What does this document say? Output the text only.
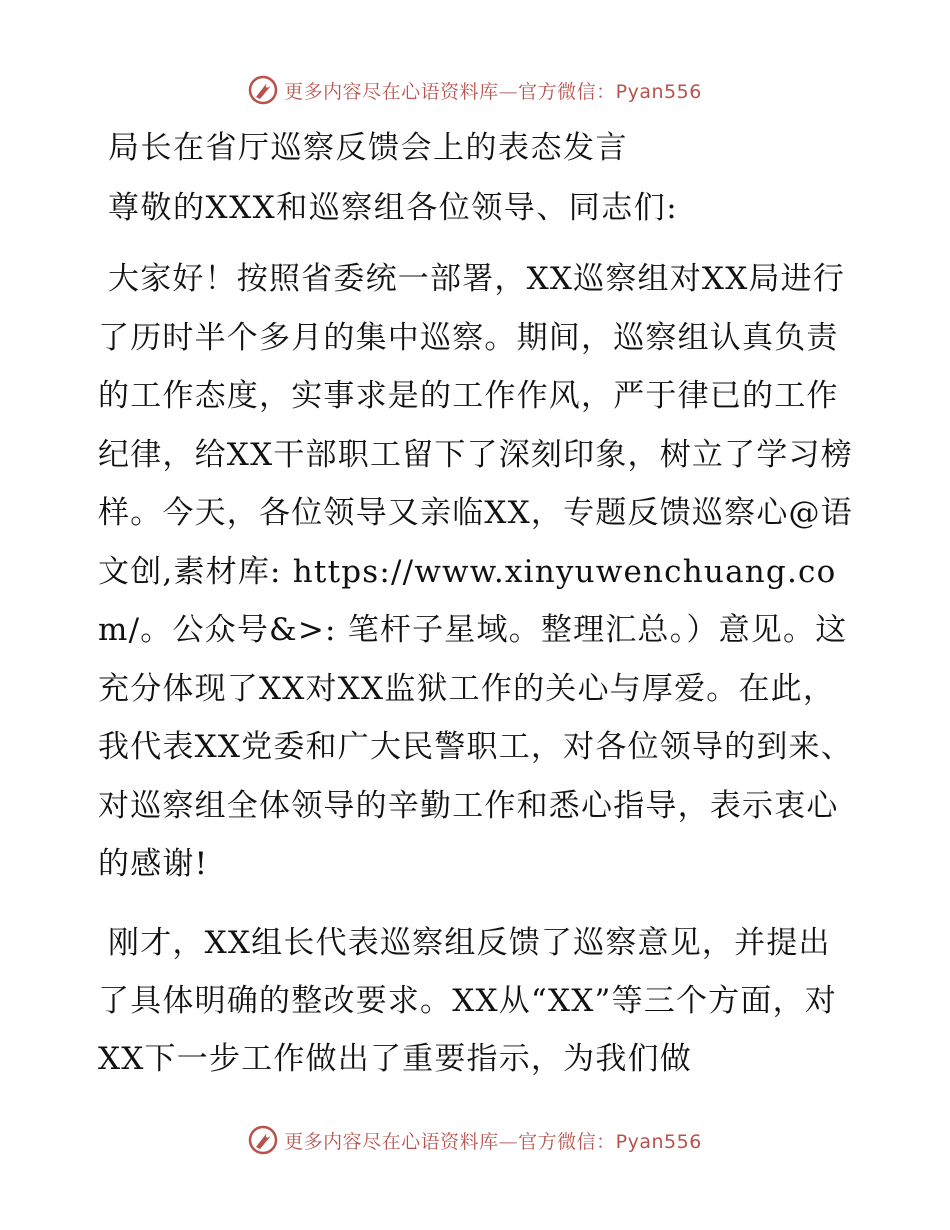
更多内容尽在心语资料库—官方微信：Pyan556
局长在省厅巡察反馈会上的表态发言

尊敬的XXX和巡察组各位领导、同志们:

大家好！按照省委统一部署，XX巡察组对XX局进行了历时半个多月的集中巡察。期间，巡察组认真负责的工作态度，实事求是的工作作风，严于律已的工作纪律，给XX干部职工留下了深刻印象，树立了学习榜样。今天，各位领导又亲临XX，专题反馈巡察心@语文创,素材库: https://www.xinyuwenchuang.com/。公众号&>: 笔杆子星域。整理汇总。）意见。这充分体现了XX对XX监狱工作的关心与厚爱。在此，我代表XX党委和广大民警职工，对各位领导的到来、对巡察组全体领导的辛勤工作和悉心指导，表示衷心的感谢!

刚才，XX组长代表巡察组反馈了巡察意见，并提出了具体明确的整改要求。XX从“XX”等三个方面，对XX下一步工作做出了重要指示，为我们做

更多内容尽在心语资料库—官方微信：Pyan556
